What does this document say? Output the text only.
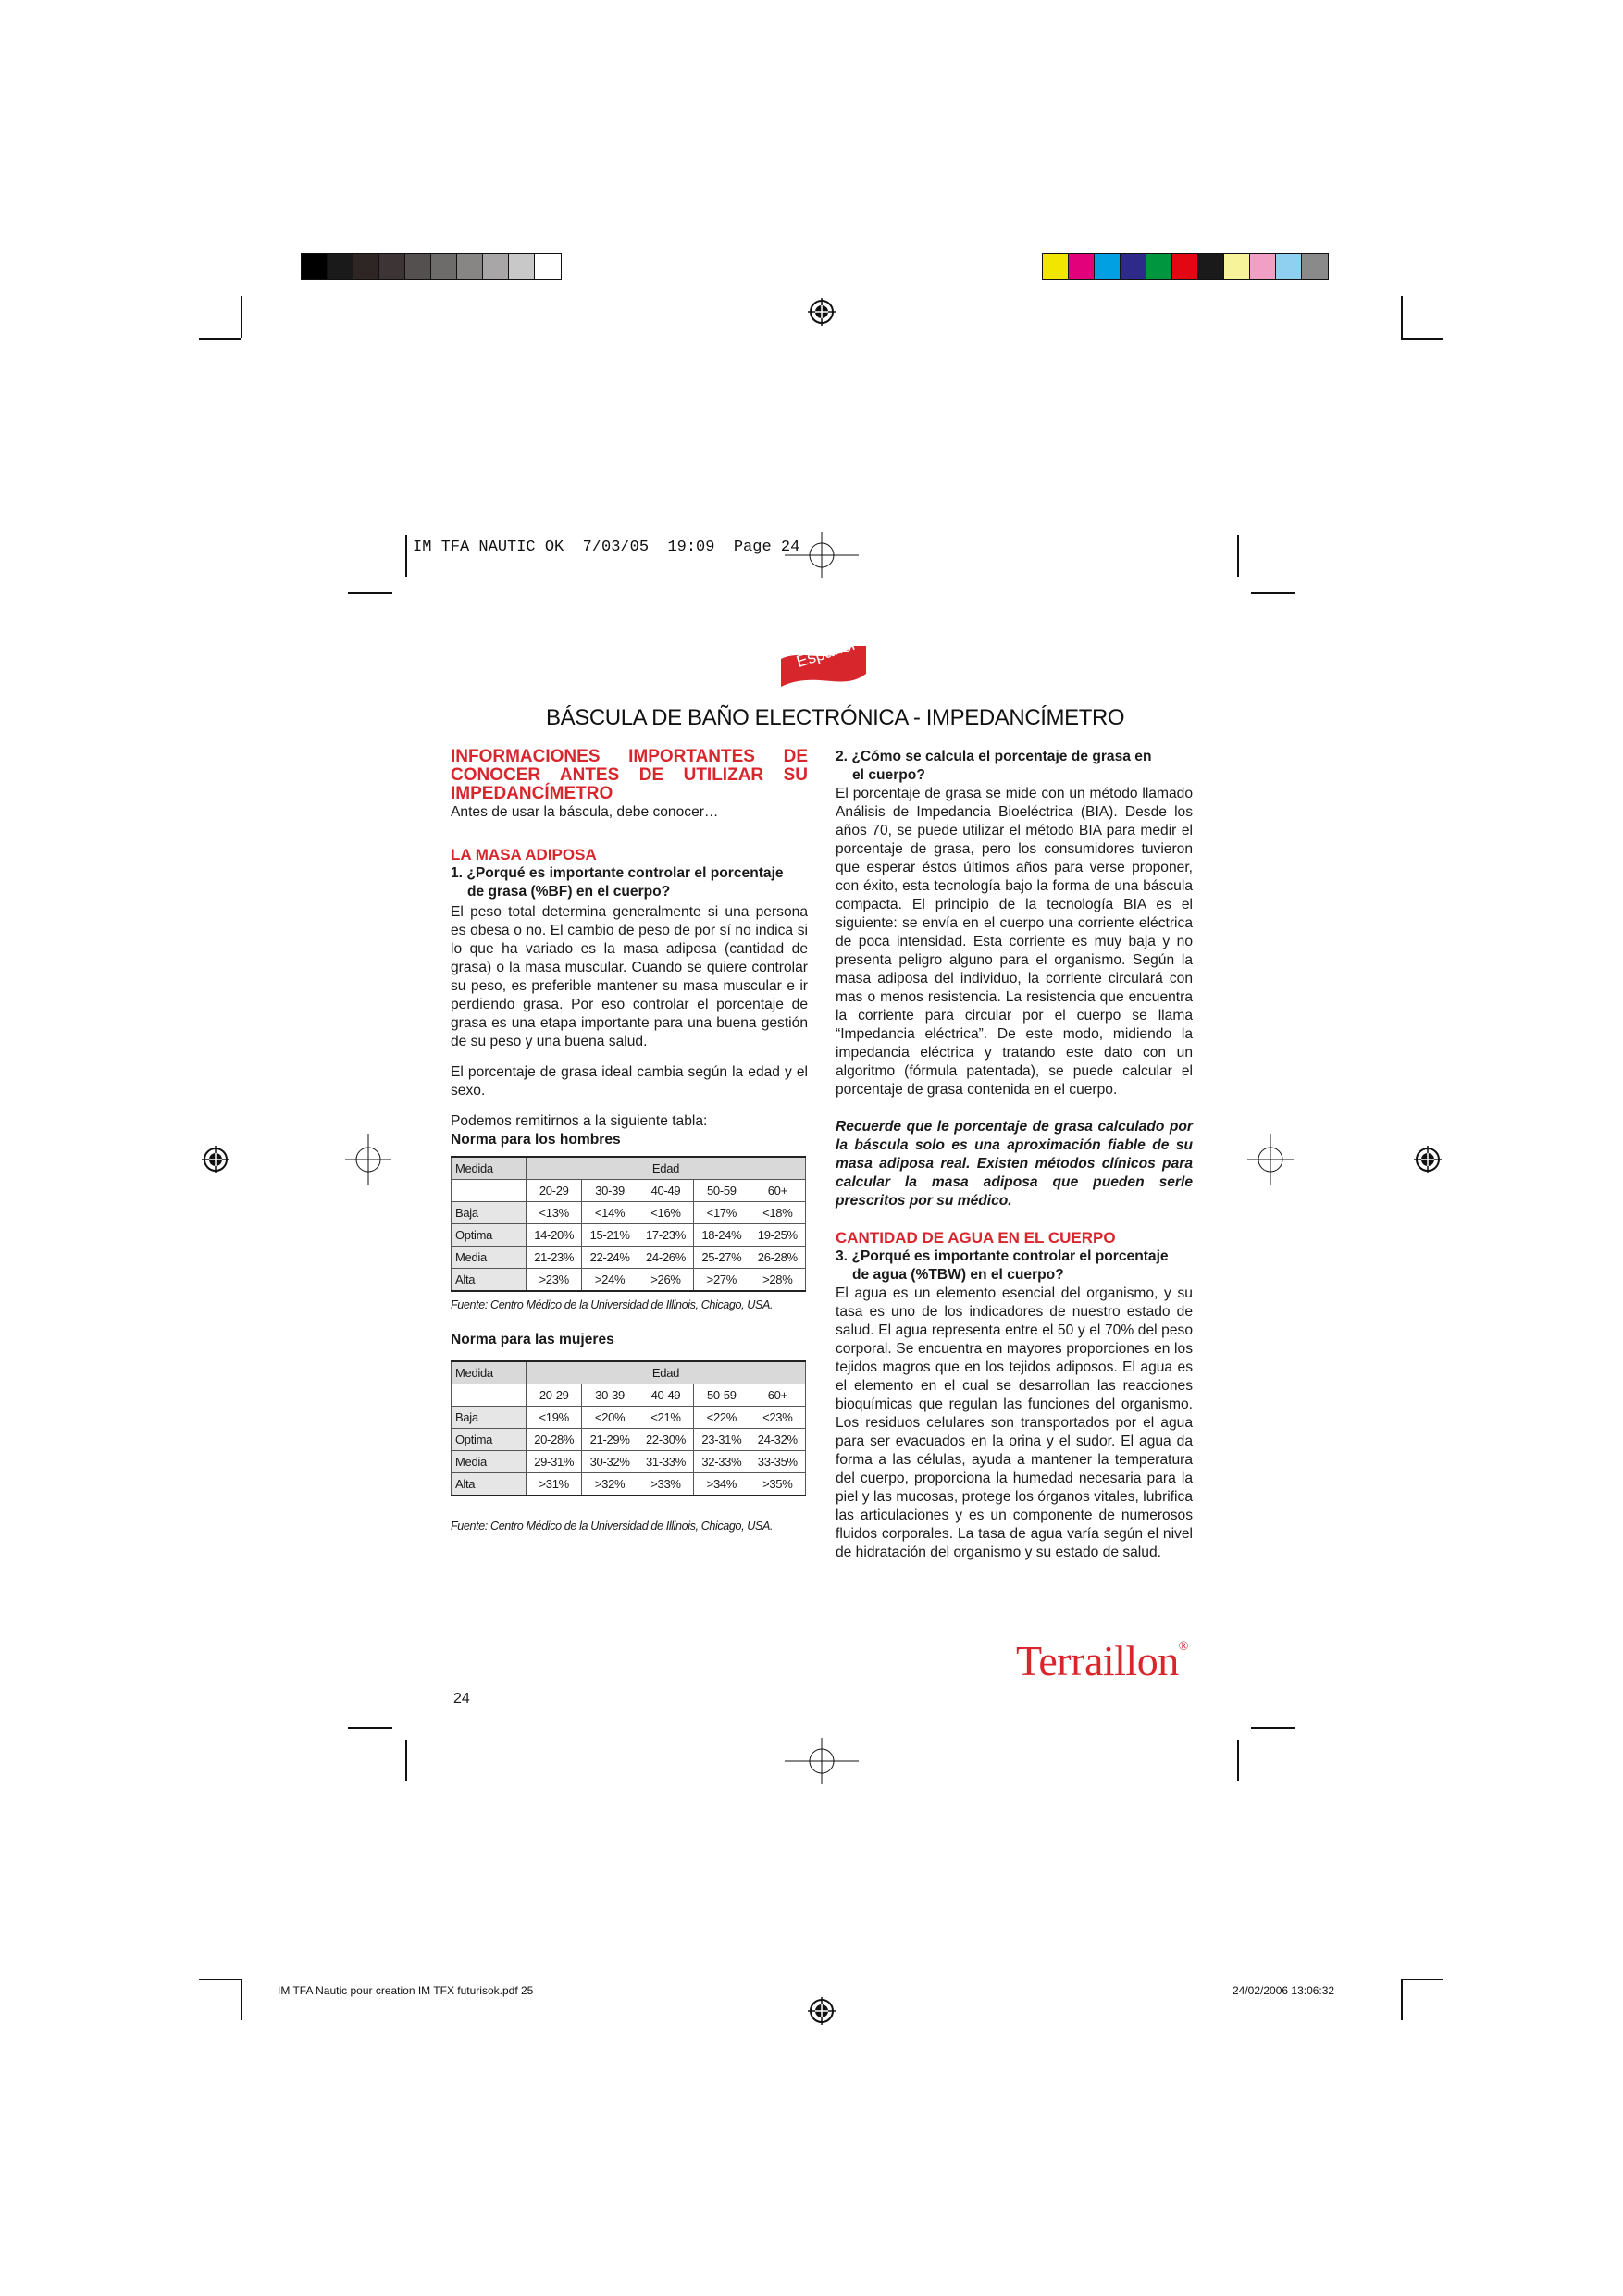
IM TFA NAUTIC OK  7/03/05  19:09  Page 24
IM TFA Nautic pour creation IM TFX futurisok.pdf 25	24/02/2006 13:06:32
Español
BÁSCULA DE BAÑO ELECTRÓNICA - IMPEDANCÍMETRO

INFORMACIONES IMPORTANTES DE

CONOCER ANTES DE UTILIZAR SU

IMPEDANCÍMETRO

Antes de usar la báscula, debe conocer…

LA MASA ADIPOSA

1. ¿Porqué es importante controlar el porcentaje
de grasa (%BF) en el cuerpo?

El peso total determina generalmente si una persona es obesa o no. El cambio de peso de por sí no indica si lo que ha variado es la masa adiposa (cantidad de grasa) o la masa muscular. Cuando se quiere controlar su peso, es preferible mantener su masa muscular e ir perdiendo grasa. Por eso controlar el porcentaje de grasa es una etapa importante para una buena gestión de su peso y una buena salud.

El porcentaje de grasa ideal cambia según la edad y el sexo.

Podemos remitirnos a la siguiente tabla:

Norma para los hombres

Medida	Edad				
	20-29	30-39	40-49	50-59	60+
Baja	<13%	<14%	<16%	<17%	<18%
Optima	14-20%	15-21%	17-23%	18-24%	19-25%
Media	21-23%	22-24%	24-26%	25-27%	26-28%
Alta	>23%	>24%	>26%	>27%	>28%

Fuente: Centro Médico de la Universidad de Illinois, Chicago, USA.

Norma para las mujeres

Medida	Edad				
	20-29	30-39	40-49	50-59	60+
Baja	<19%	<20%	<21%	<22%	<23%
Optima	20-28%	21-29%	22-30%	23-31%	24-32%
Media	29-31%	30-32%	31-33%	32-33%	33-35%
Alta	>31%	>32%	>33%	>34%	>35%

Fuente: Centro Médico de la Universidad de Illinois, Chicago, USA.

2. ¿Cómo se calcula el porcentaje de grasa en
el cuerpo?

El porcentaje de grasa se mide con un método llamado Análisis de Impedancia Bioeléctrica (BIA). Desde los años 70, se puede utilizar el método BIA para medir el porcentaje de grasa, pero los consumidores tuvieron que esperar éstos últimos años para verse proponer, con éxito, esta tecnología bajo la forma de una báscula compacta. El principio de la tecnología BIA es el siguiente: se envía en el cuerpo una corriente eléctrica de poca intensidad. Esta corriente es muy baja y no presenta peligro alguno para el organismo. Según la masa adiposa del individuo, la corriente circulará con mas o menos resistencia. La resistencia que encuentra la corriente para circular por el cuerpo se llama “Impedancia eléctrica”. De este modo, midiendo la impedancia eléctrica y tratando este dato con un algoritmo (fórmula patentada), se puede calcular el porcentaje de grasa contenida en el cuerpo.

Recuerde que le porcentaje de grasa calculado por la báscula solo es una aproximación fiable de su masa adiposa real. Existen métodos clínicos para calcular la masa adiposa que pueden serle prescritos por su médico.

CANTIDAD DE AGUA EN EL CUERPO

3. ¿Porqué es importante controlar el porcentaje
de agua (%TBW) en el cuerpo?

El agua es un elemento esencial del organismo, y su tasa es uno de los indicadores de nuestro estado de salud. El agua representa entre el 50 y el 70% del peso corporal. Se encuentra en mayores proporciones en los tejidos magros que en los tejidos adiposos. El agua es el elemento en el cual se desarrollan las reacciones bioquímicas que regulan las funciones del organismo. Los residuos celulares son transportados por el agua para ser evacuados en la orina y el sudor. El agua da forma a las células, ayuda a mantener la temperatura del cuerpo, proporciona la humedad necesaria para la piel y las mucosas, protege los órganos vitales, lubrifica las articulaciones y es un componente de numerosos fluidos corporales. La tasa de agua varía según el nivel de hidratación del organismo y su estado de salud.

Terraillon®
24
